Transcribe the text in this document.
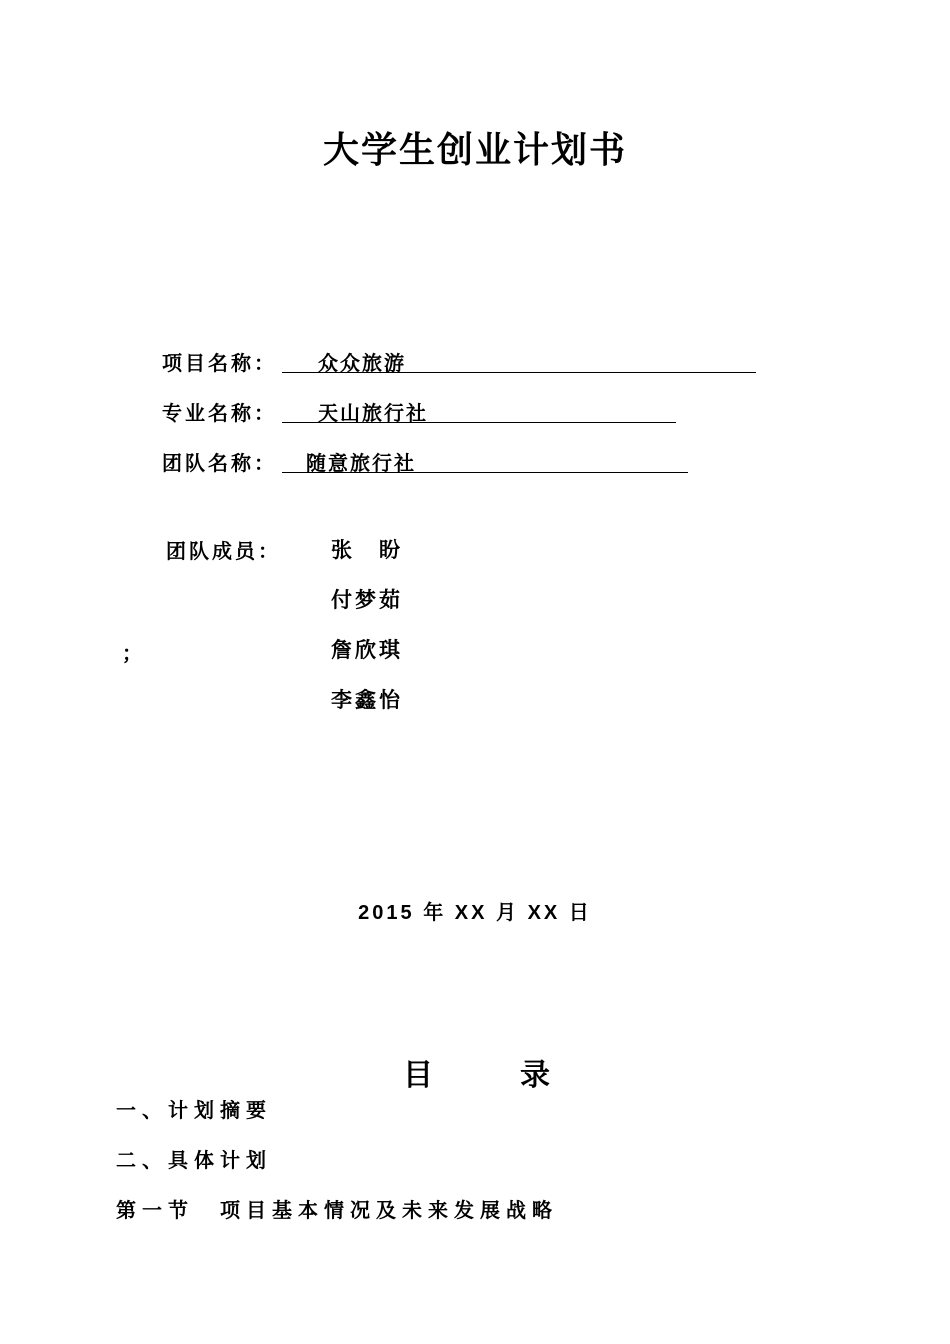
大学生创业计划书
项目名称： 众众旅游
专业名称： 天山旅行社
团队名称： 随意旅行社
团队成员： 张　盼
付梦茹
詹欣琪
李鑫怡
；
2015 年 XX 月 XX 日
目	录
一、计划摘要
二、具体计划
第一节　项目基本情况及未来发展战略
